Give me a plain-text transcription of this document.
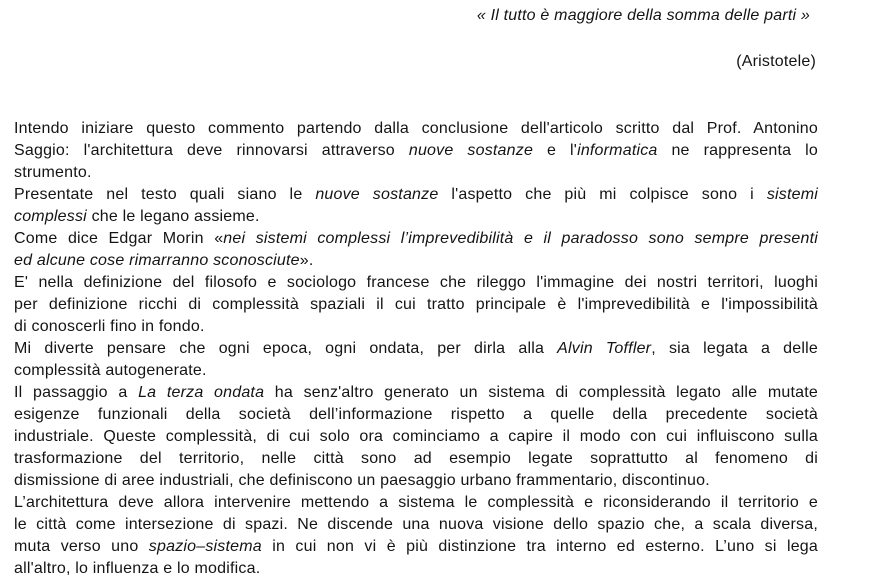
« Il tutto è maggiore della somma delle parti »
(Aristotele)
Intendo iniziare questo commento partendo dalla conclusione dell'articolo scritto dal Prof. Antonino
Saggio: l'architettura deve rinnovarsi attraverso nuove sostanze e l'informatica ne rappresenta lo
strumento.
Presentate nel testo quali siano le nuove sostanze l'aspetto che più mi colpisce sono i sistemi
complessi che le legano assieme.
Come dice Edgar Morin «nei sistemi complessi l’imprevedibilità e il paradosso sono sempre presenti
ed alcune cose rimarranno sconosciute».
E' nella definizione del filosofo e sociologo francese che rileggo l'immagine dei nostri territori, luoghi
per definizione ricchi di complessità spaziali il cui tratto principale è l'imprevedibilità e l'impossibilità
di conoscerli fino in fondo.
Mi diverte pensare che ogni epoca, ogni ondata, per dirla alla Alvin Toffler, sia legata a delle
complessità autogenerate.
Il passaggio a La terza ondata ha senz'altro generato un sistema di complessità legato alle mutate
esigenze funzionali della società dell’informazione rispetto a quelle della precedente società
industriale. Queste complessità, di cui solo ora cominciamo a capire il modo con cui influiscono sulla
trasformazione del territorio, nelle città sono ad esempio legate soprattutto al fenomeno di
dismissione di aree industriali, che definiscono un paesaggio urbano frammentario, discontinuo.
L’architettura deve allora intervenire mettendo a sistema le complessità e riconsiderando il territorio e
le città come intersezione di spazi. Ne discende una nuova visione dello spazio che, a scala diversa,
muta verso uno spazio–sistema in cui non vi è più distinzione tra interno ed esterno. L’uno si lega
all'altro, lo influenza e lo modifica.
